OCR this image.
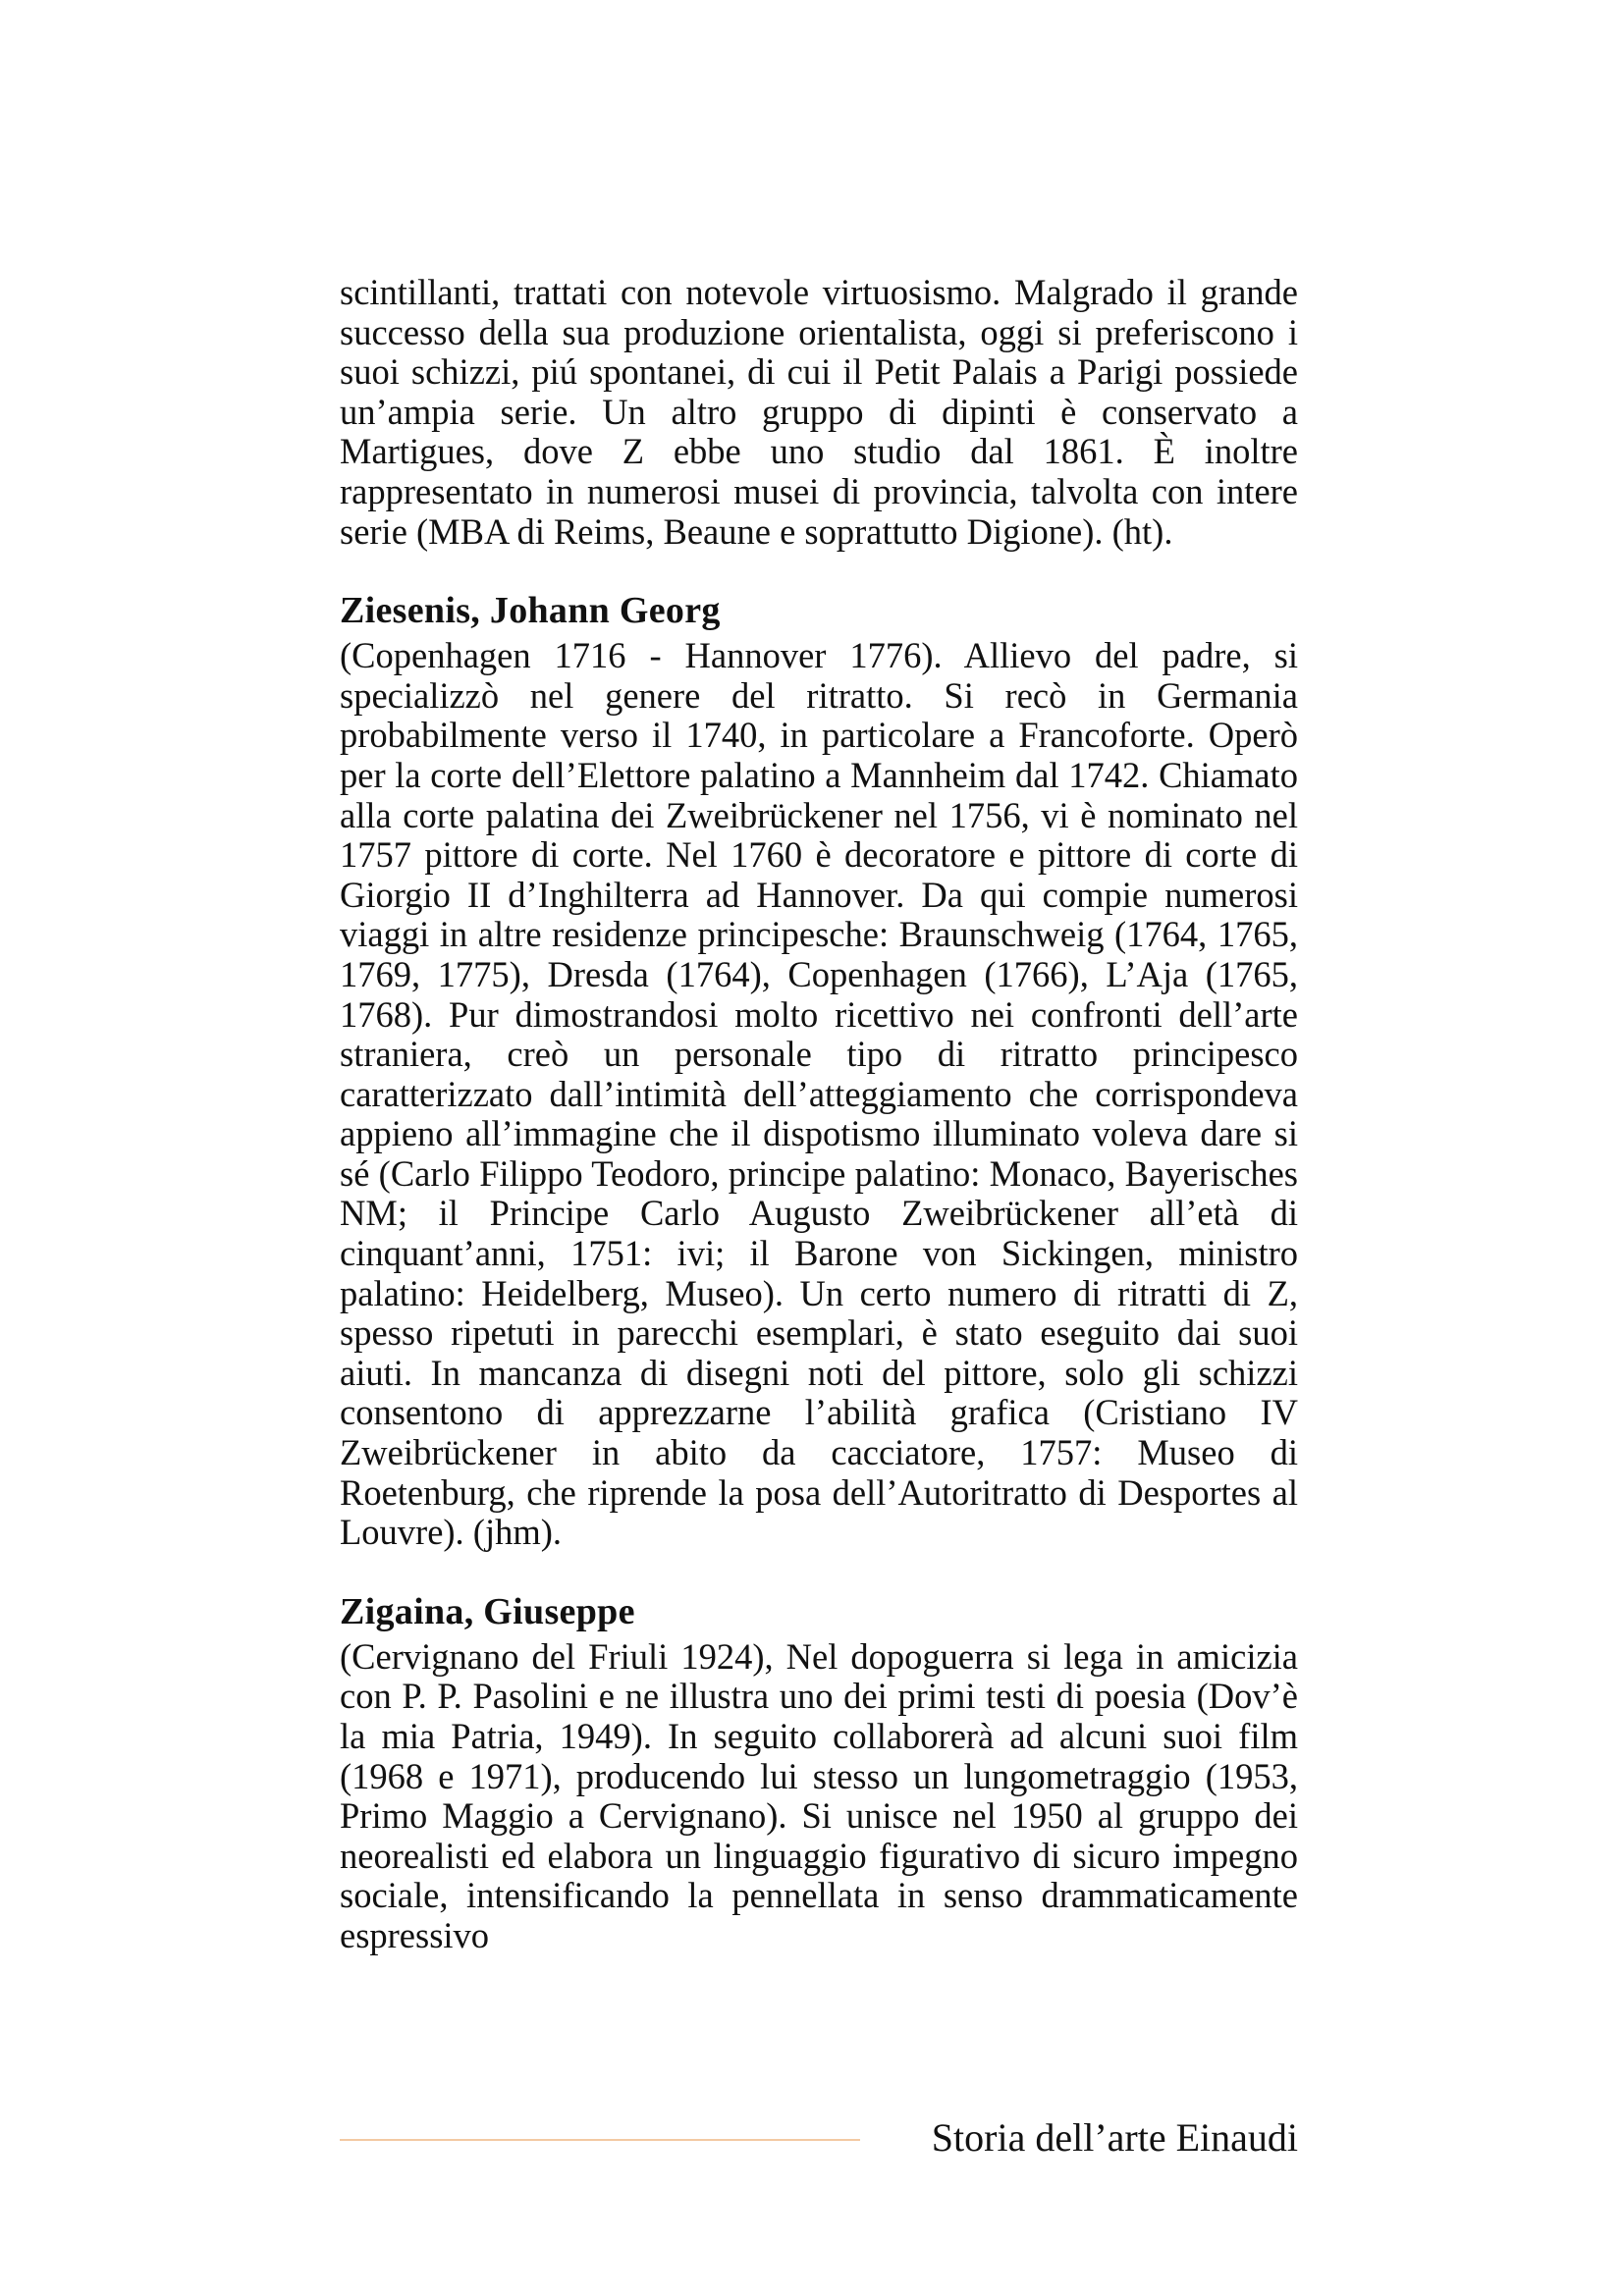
scintillanti, trattati con notevole virtuosismo. Malgrado il grande successo della sua produzione orientalista, oggi si preferiscono i suoi schizzi, piú spontanei, di cui il Petit Palais a Parigi possiede un’ampia serie. Un altro gruppo di dipinti è conservato a Martigues, dove Z ebbe uno studio dal 1861. È inoltre rappresentato in numerosi musei di provincia, talvolta con intere serie (MBA di Reims, Beaune e soprattutto Digione). (ht).

Ziesenis, Johann Georg

(Copenhagen 1716 - Hannover 1776). Allievo del padre, si specializzò nel genere del ritratto. Si recò in Germania probabilmente verso il 1740, in particolare a Francoforte. Operò per la corte dell’Elettore palatino a Mannheim dal 1742. Chiamato alla corte palatina dei Zweibrückener nel 1756, vi è nominato nel 1757 pittore di corte. Nel 1760 è decoratore e pittore di corte di Giorgio II d’Inghilterra ad Hannover. Da qui compie numerosi viaggi in altre residenze principesche: Braunschweig (1764, 1765, 1769, 1775), Dresda (1764), Copenhagen (1766), L’Aja (1765, 1768). Pur dimostrandosi molto ricettivo nei confronti dell’arte straniera, creò un personale tipo di ritratto principesco caratterizzato dall’intimità dell’atteggiamento che corrispondeva appieno all’immagine che il dispotismo illuminato voleva dare si sé (Carlo Filippo Teodoro, principe palatino: Monaco, Bayerisches NM; il Principe Carlo Augusto Zweibrückener all’età di cinquant’anni, 1751: ivi; il Barone von Sickingen, ministro palatino: Heidelberg, Museo). Un certo numero di ritratti di Z, spesso ripetuti in parecchi esemplari, è stato eseguito dai suoi aiuti. In mancanza di disegni noti del pittore, solo gli schizzi consentono di apprezzarne l’abilità grafica (Cristiano IV Zweibrückener in abito da cacciatore, 1757: Museo di Roetenburg, che riprende la posa dell’Autoritratto di Desportes al Louvre). (jhm).

Zigaina, Giuseppe

(Cervignano del Friuli 1924), Nel dopoguerra si lega in amicizia con P. P. Pasolini e ne illustra uno dei primi testi di poesia (Dov’è la mia Patria, 1949). In seguito collaborerà ad alcuni suoi film (1968 e 1971), producendo lui stesso un lungometraggio (1953, Primo Maggio a Cervignano). Si unisce nel 1950 al gruppo dei neorealisti ed elabora un linguaggio figurativo di sicuro impegno sociale, intensificando la pennellata in senso drammaticamente espressivo

Storia dell’arte Einaudi
